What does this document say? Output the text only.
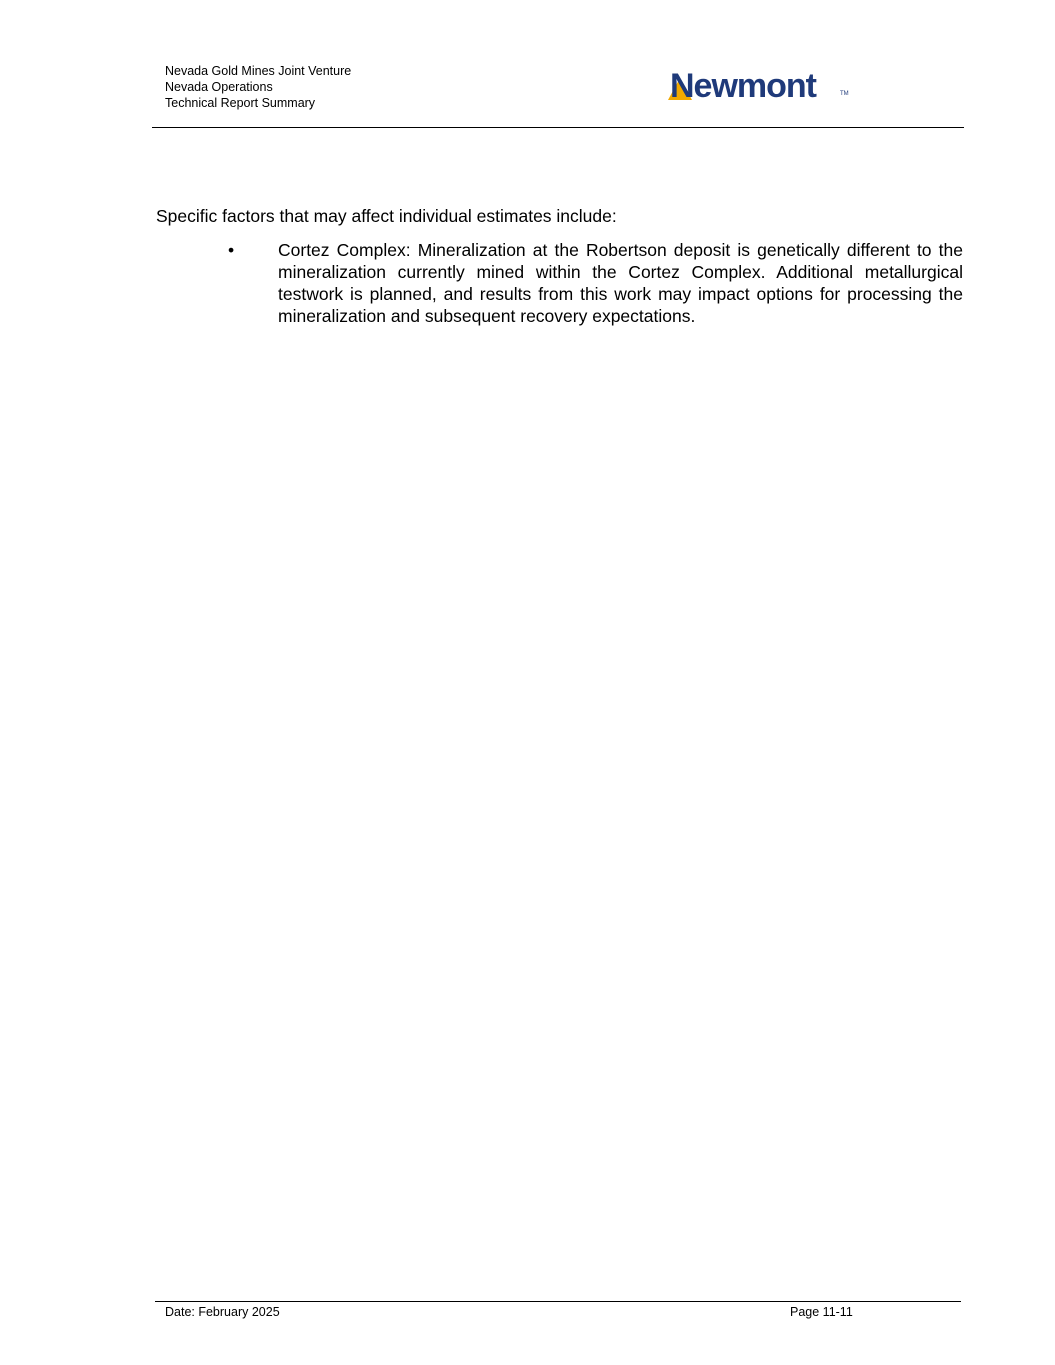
Nevada Gold Mines Joint Venture
Nevada Operations
Technical Report Summary	Newmont	TM
Specific factors that may affect individual estimates include:
•	Cortez Complex: Mineralization at the Robertson deposit is genetically different to the mineralization currently mined within the Cortez Complex. Additional metallurgical testwork is planned, and results from this work may impact options for processing the mineralization and subsequent recovery expectations.
Date: February 2025	Page 11-11
